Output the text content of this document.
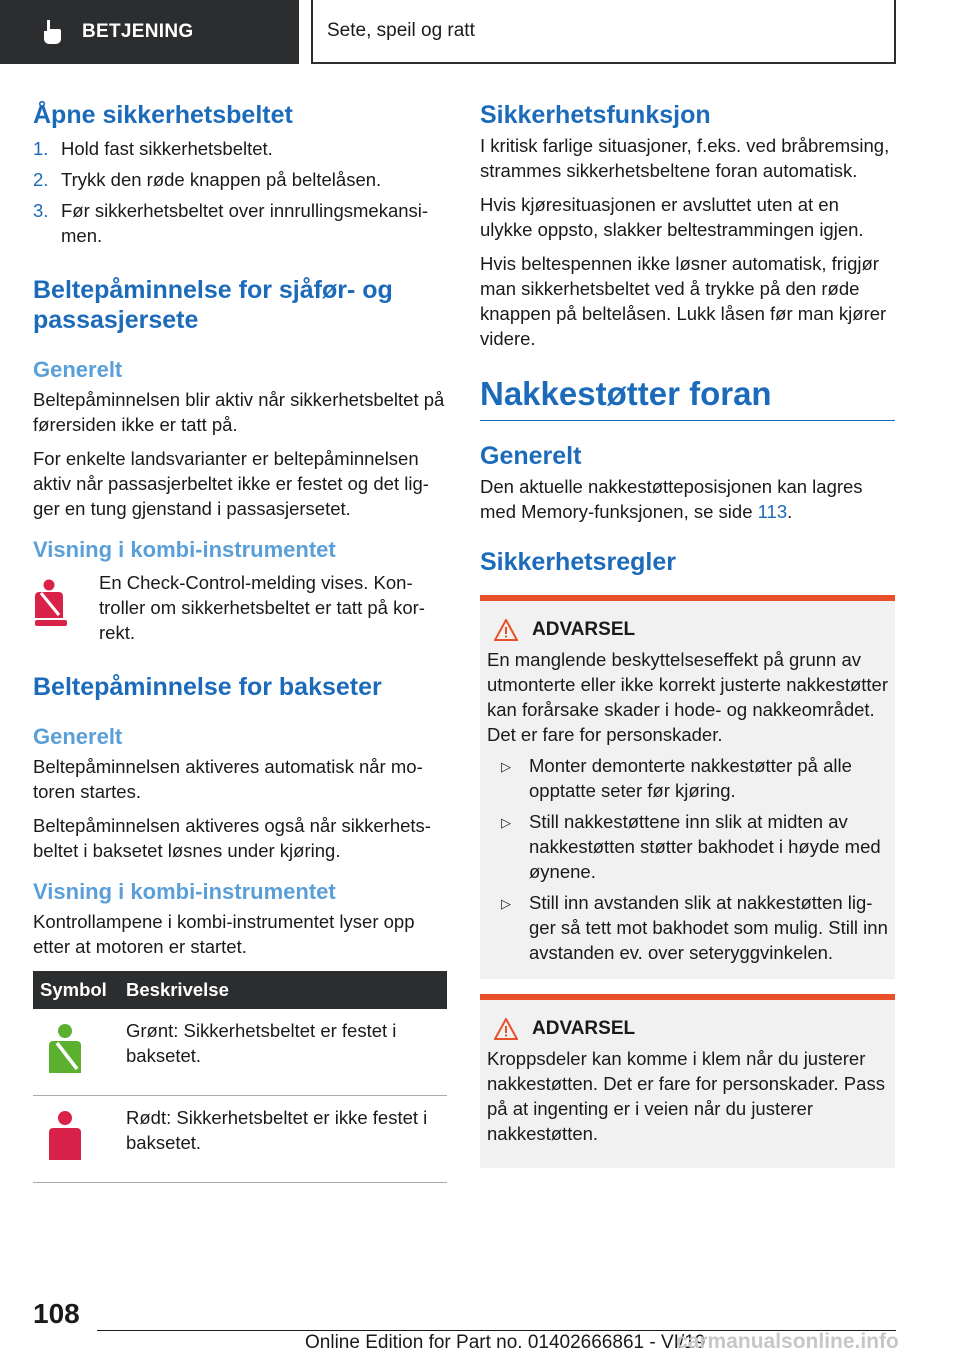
BETJENING	Sete, speil og ratt
Åpne sikkerhetsbeltet
1. Hold fast sikkerhetsbeltet.
2. Trykk den røde knappen på beltelåsen.
3. Før sikkerhetsbeltet over innrullingsmekansimen.
Beltepåminnelse for sjåfør- og passasjersete
Generelt

Beltepåminnelsen blir aktiv når sikkerhetsbeltet på førersiden ikke er tatt på.

For enkelte landsvarianter er beltepåminnelsen aktiv når passasjerbeltet ikke er festet og det ligger en tung gjenstand i passasjersetet.

Visning i kombi-instrumentet

En Check-Control-melding vises. Kontroller om sikkerhetsbeltet er tatt på korrekt.

Beltepåminnelse for bakseter
Generelt

Beltepåminnelsen aktiveres automatisk når motoren startes.

Beltepåminnelsen aktiveres også når sikkerhetsbeltet i baksetet løsnes under kjøring.

Visning i kombi-instrumentet

Kontrollampene i kombi-instrumentet lyser opp etter at motoren er startet.

Symbol	Beskrivelse
	Grønt: Sikkerhetsbeltet er festet i baksetet.
	Rødt: Sikkerhetsbeltet er ikke festet i baksetet.
Sikkerhetsfunksjon

I kritisk farlige situasjoner, f.eks. ved bråbremsing, strammes sikkerhetsbeltene foran automatisk.

Hvis kjøresituasjonen er avsluttet uten at en ulykke oppsto, slakker beltestrammingen igjen.

Hvis beltespennen ikke løsner automatisk, frigjør man sikkerhetsbeltet ved å trykke på den røde knappen på beltelåsen. Lukk låsen før man kjører videre.

Nakkestøtter foran
Generelt

Den aktuelle nakkestøtteposisjonen kan lagres med Memory-funksjonen, se side 113.

Sikkerhetsregler
ADVARSEL

En manglende beskyttelseseffekt på grunn av utmonterte eller ikke korrekt justerte nakkestøtter kan forårsake skader i hode- og nakkeområdet. Det er fare for personskader.

▷ Monter demonterte nakkestøtter på alle opptatte seter før kjøring.
▷ Still nakkestøttene inn slik at midten av nakkestøtten støtter bakhodet i høyde med øynene.
▷ Still inn avstanden slik at nakkestøtten ligger så tett mot bakhodet som mulig. Still inn avstanden ev. over seteryggvinkelen.
ADVARSEL

Kroppsdeler kan komme i klem når du justerer nakkestøtten. Det er fare for personskader. Pass på at ingenting er i veien når du justerer nakkestøtten.

108
Online Edition for Part no. 01402666861 - VI/19
carmanualsonline.info
